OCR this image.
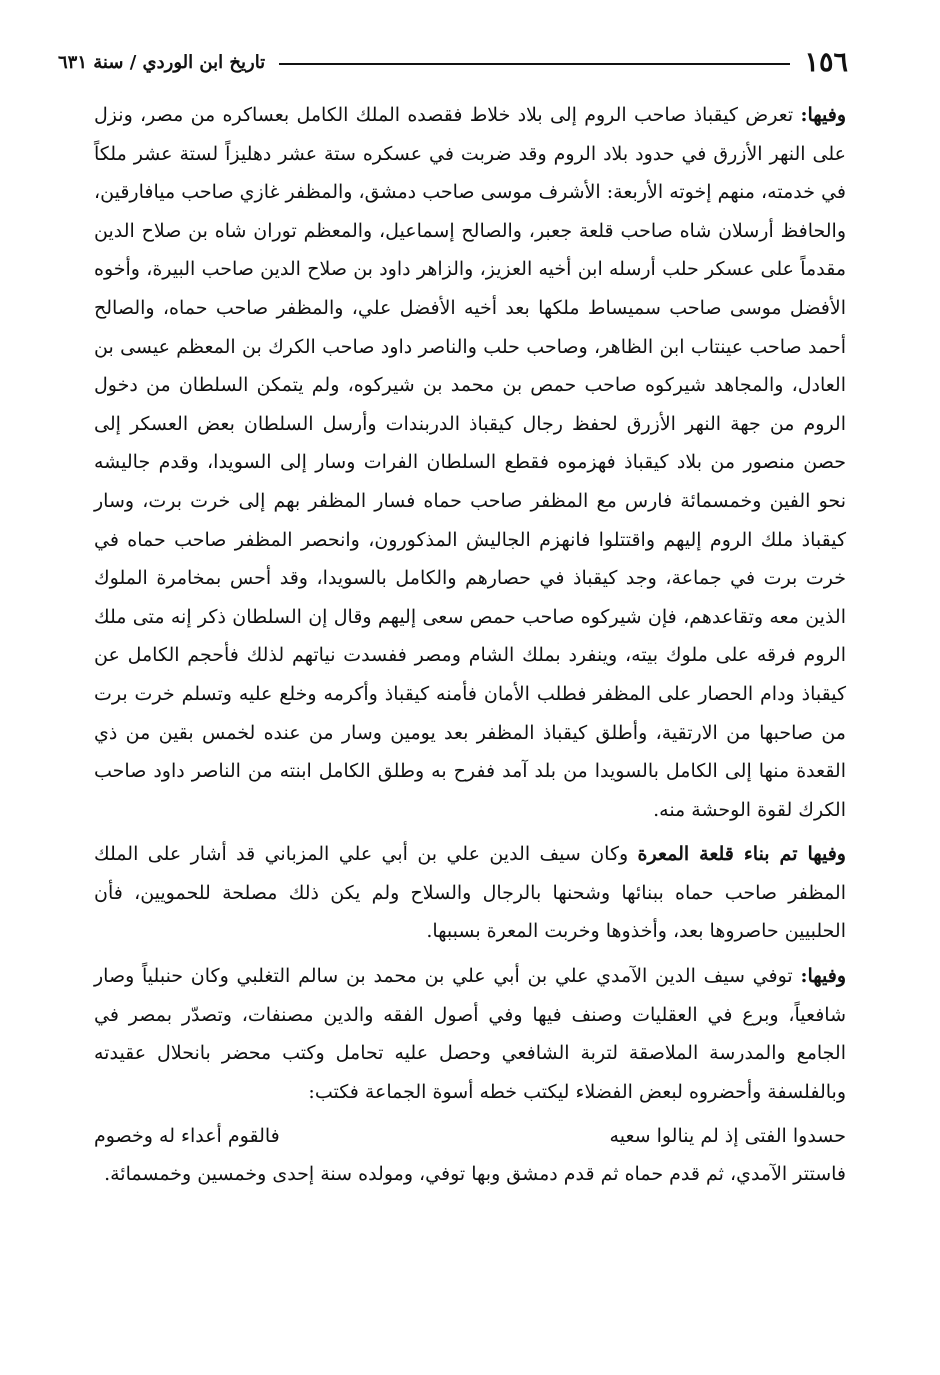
١٥٦
تاريخ ابن الوردي / سنة ٦٣١

وفيها: تعرض كيقباذ صاحب الروم إلى بلاد خلاط فقصده الملك الكامل بعساكره من مصر، ونزل على النهر الأزرق في حدود بلاد الروم وقد ضربت في عسكره ستة عشر دهليزاً لستة عشر ملكاً في خدمته، منهم إخوته الأربعة: الأشرف موسى صاحب دمشق، والمظفر غازي صاحب ميافارقين، والحافظ أرسلان شاه صاحب قلعة جعبر، والصالح إسماعيل، والمعظم توران شاه بن صلاح الدين مقدماً على عسكر حلب أرسله ابن أخيه العزيز، والزاهر داود بن صلاح الدين صاحب البيرة، وأخوه الأفضل موسى صاحب سميساط ملكها بعد أخيه الأفضل علي، والمظفر صاحب حماه، والصالح أحمد صاحب عينتاب ابن الظاهر، وصاحب حلب والناصر داود صاحب الكرك بن المعظم عيسى بن العادل، والمجاهد شيركوه صاحب حمص بن محمد بن شيركوه، ولم يتمكن السلطان من دخول الروم من جهة النهر الأزرق لحفظ رجال كيقباذ الدربندات وأرسل السلطان بعض العسكر إلى حصن منصور من بلاد كيقباذ فهزموه فقطع السلطان الفرات وسار إلى السويدا، وقدم جاليشه نحو الفين وخمسمائة فارس مع المظفر صاحب حماه فسار المظفر بهم إلى خرت برت، وسار كيقباذ ملك الروم إليهم واقتتلوا فانهزم الجاليش المذكورون، وانحصر المظفر صاحب حماه في خرت برت في جماعة، وجد كيقباذ في حصارهم والكامل بالسويدا، وقد أحس بمخامرة الملوك الذين معه وتقاعدهم، فإن شيركوه صاحب حمص سعى إليهم وقال إن السلطان ذكر إنه متى ملك الروم فرقه على ملوك بيته، وينفرد بملك الشام ومصر ففسدت نياتهم لذلك فأحجم الكامل عن كيقباذ ودام الحصار على المظفر فطلب الأمان فأمنه كيقباذ وأكرمه وخلع عليه وتسلم خرت برت من صاحبها من الارتقية، وأطلق كيقباذ المظفر بعد يومين وسار من عنده لخمس بقين من ذي القعدة منها إلى الكامل بالسويدا من بلد آمد ففرح به وطلق الكامل ابنته من الناصر داود صاحب الكرك لقوة الوحشة منه.

وفيها تم بناء قلعة المعرة وكان سيف الدين علي بن أبي علي المزباني قد أشار على الملك المظفر صاحب حماه ببنائها وشحنها بالرجال والسلاح ولم يكن ذلك مصلحة للحمويين، فأن الحلبيين حاصروها بعد، وأخذوها وخربت المعرة بسببها.

وفيها: توفي سيف الدين الآمدي علي بن أبي علي بن محمد بن سالم التغلبي وكان حنبلياً وصار شافعياً، وبرع في العقليات وصنف فيها وفي أصول الفقه والدين مصنفات، وتصدّر بمصر في الجامع والمدرسة الملاصقة لتربة الشافعي وحصل عليه تحامل وكتب محضر بانحلال عقيدته وبالفلسفة وأحضروه لبعض الفضلاء ليكتب خطه أسوة الجماعة فكتب:

حسدوا الفتى إذ لم ينالوا سعيه
فالقوم أعداء له وخصوم

فاستتر الآمدي، ثم قدم حماه ثم قدم دمشق وبها توفي، ومولده سنة إحدى وخمسين وخمسمائة.
